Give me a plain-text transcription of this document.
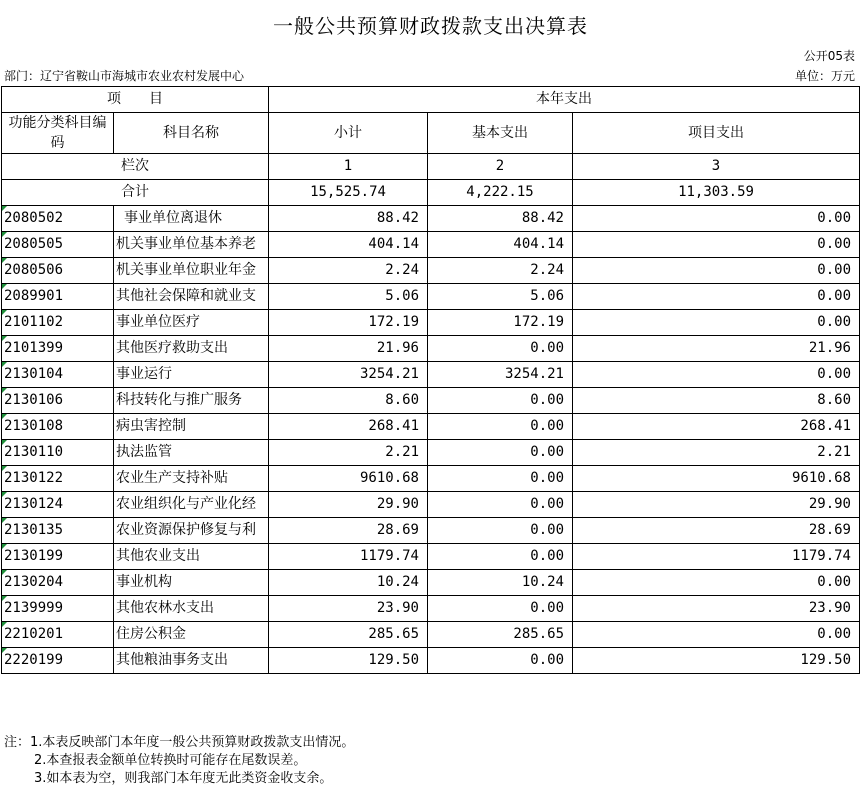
一般公共预算财政拨款支出决算表
公开05表
部门：辽宁省鞍山市海城市农业农村发展中心	单位：万元
项　　目		本年支出		
功能分类科目编码	科目名称	小计	基本支出	项目支出
栏次		1	2	3
合计		15,525.74	4,222.15	11,303.59
2080502	事业单位离退休	88.42	88.42	0.00
2080505	机关事业单位基本养老	404.14	404.14	0.00
2080506	机关事业单位职业年金	2.24	2.24	0.00
2089901	其他社会保障和就业支	5.06	5.06	0.00
2101102	事业单位医疗	172.19	172.19	0.00
2101399	其他医疗救助支出	21.96	0.00	21.96
2130104	事业运行	3254.21	3254.21	0.00
2130106	科技转化与推广服务	8.60	0.00	8.60
2130108	病虫害控制	268.41	0.00	268.41
2130110	执法监管	2.21	0.00	2.21
2130122	农业生产支持补贴	9610.68	0.00	9610.68
2130124	农业组织化与产业化经	29.90	0.00	29.90
2130135	农业资源保护修复与利	28.69	0.00	28.69
2130199	其他农业支出	1179.74	0.00	1179.74
2130204	事业机构	10.24	10.24	0.00
2139999	其他农林水支出	23.90	0.00	23.90
2210201	住房公积金	285.65	285.65	0.00
2220199	其他粮油事务支出	129.50	0.00	129.50
注：1.本表反映部门本年度一般公共预算财政拨款支出情况。
2.本查报表金额单位转换时可能存在尾数误差。
3.如本表为空，则我部门本年度无此类资金收支余。
